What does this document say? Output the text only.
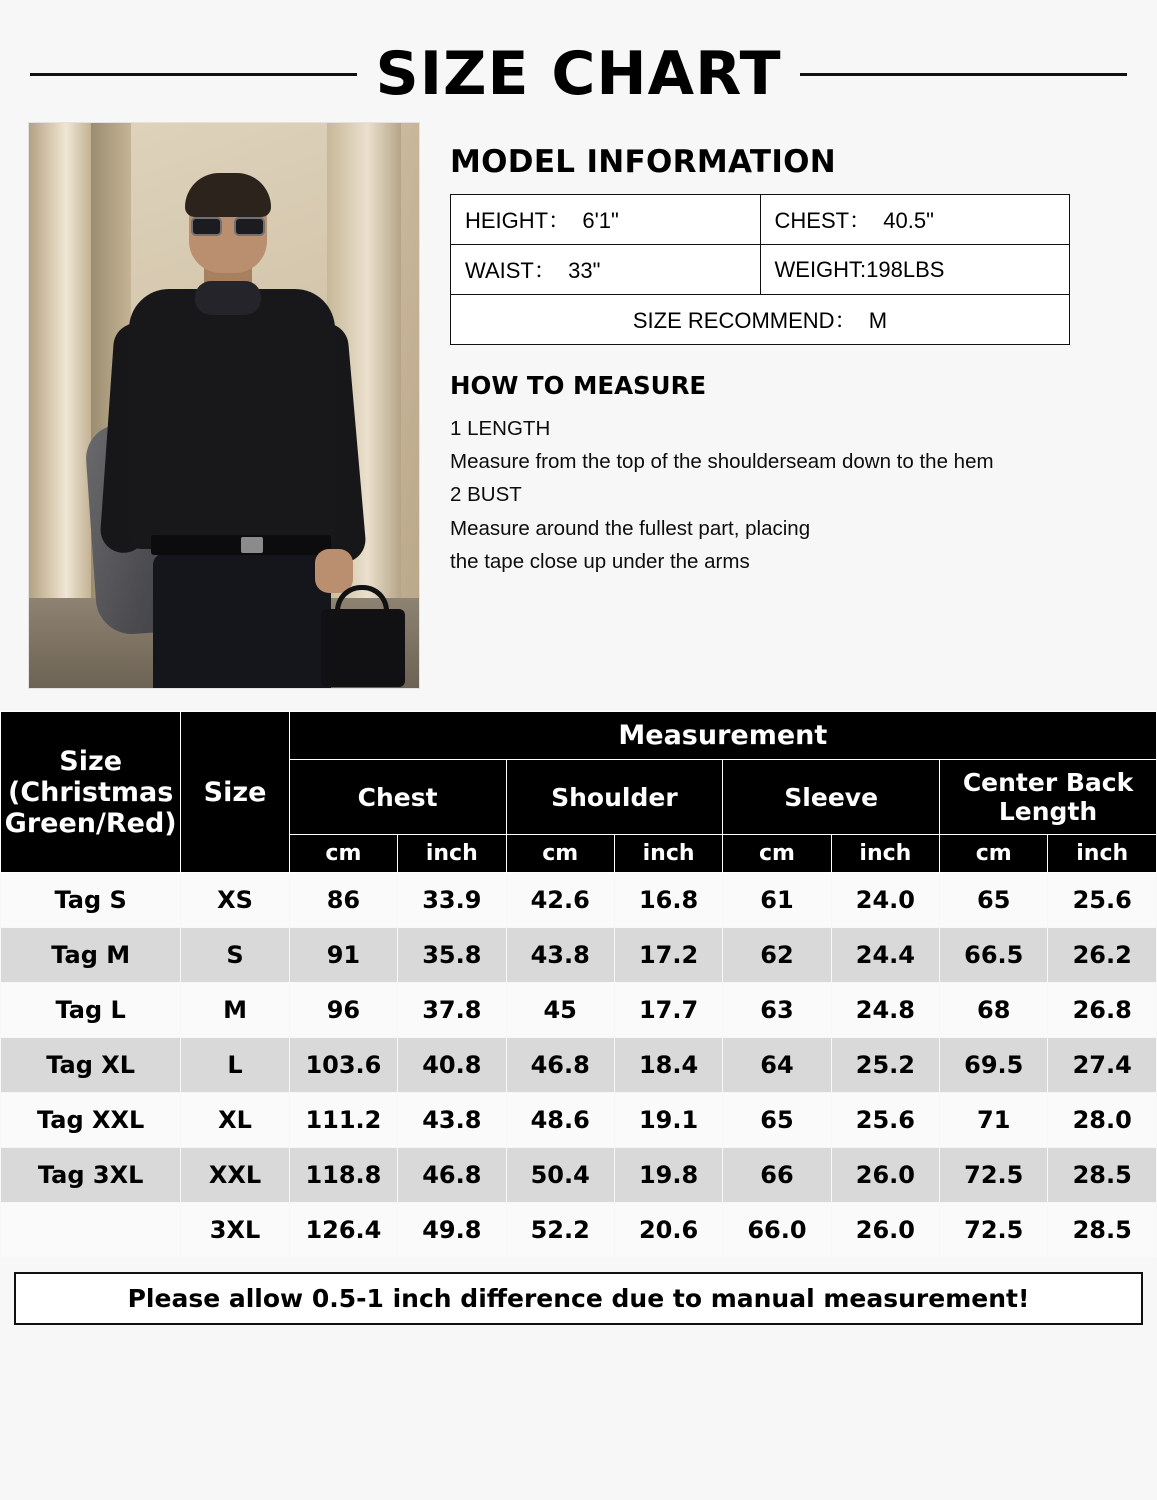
SIZE CHART
MODEL INFORMATION
HEIGHT： 6'1"	CHEST： 40.5"
WAIST： 33"	WEIGHT:198LBS
SIZE RECOMMEND： M	
HOW TO MEASURE

1 LENGTH

Measure from the top of the shoulderseam down to the hem

2 BUST

Measure around the fullest part, placing

the tape close up under the arms

Size (Christmas Green/Red)	Size	Measurement							
		Chest		Shoulder		Sleeve		Center Back Length	
		cm	inch	cm	inch	cm	inch	cm	inch
Tag S	XS	86	33.9	42.6	16.8	61	24.0	65	25.6
Tag M	S	91	35.8	43.8	17.2	62	24.4	66.5	26.2
Tag L	M	96	37.8	45	17.7	63	24.8	68	26.8
Tag XL	L	103.6	40.8	46.8	18.4	64	25.2	69.5	27.4
Tag XXL	XL	111.2	43.8	48.6	19.1	65	25.6	71	28.0
Tag 3XL	XXL	118.8	46.8	50.4	19.8	66	26.0	72.5	28.5
	3XL	126.4	49.8	52.2	20.6	66.0	26.0	72.5	28.5
Please allow 0.5-1 inch difference due to manual measurement!
